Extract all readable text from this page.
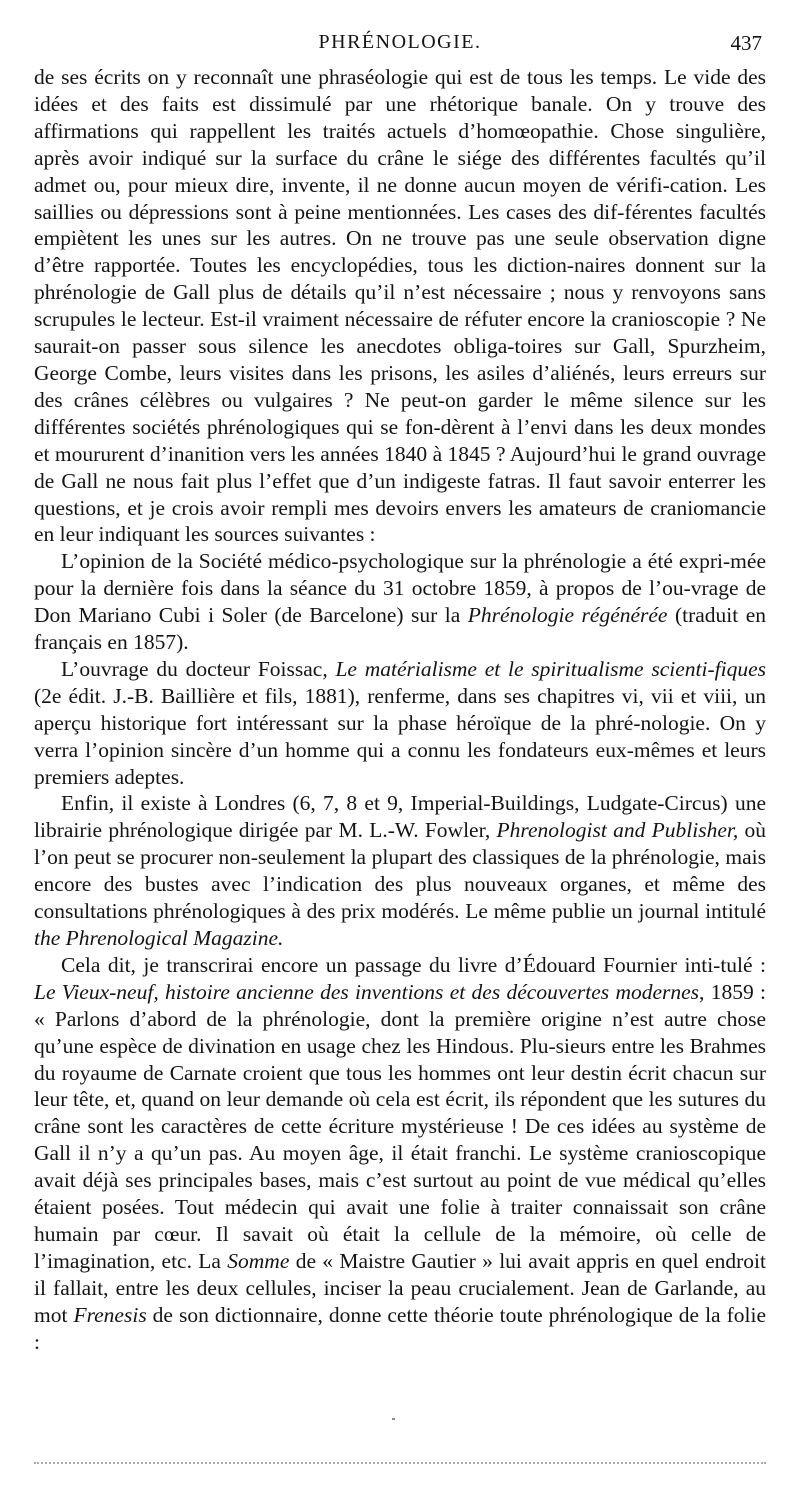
PHRÉNOLOGIE.	437

de ses écrits on y reconnaît une phraséologie qui est de tous les temps. Le vide des idées et des faits est dissimulé par une rhétorique banale. On y trouve des affirmations qui rappellent les traités actuels d’homœopathie. Chose singulière, après avoir indiqué sur la surface du crâne le siége des différentes facultés qu’il admet ou, pour mieux dire, invente, il ne donne aucun moyen de vérifi-cation. Les saillies ou dépressions sont à peine mentionnées. Les cases des dif-férentes facultés empiètent les unes sur les autres. On ne trouve pas une seule observation digne d’être rapportée. Toutes les encyclopédies, tous les diction-naires donnent sur la phrénologie de Gall plus de détails qu’il n’est nécessaire ; nous y renvoyons sans scrupules le lecteur. Est-il vraiment nécessaire de réfuter encore la cranioscopie ? Ne saurait-on passer sous silence les anecdotes obliga-toires sur Gall, Spurzheim, George Combe, leurs visites dans les prisons, les asiles d’aliénés, leurs erreurs sur des crânes célèbres ou vulgaires ? Ne peut-on garder le même silence sur les différentes sociétés phrénologiques qui se fon-dèrent à l’envi dans les deux mondes et moururent d’inanition vers les années 1840 à 1845 ? Aujourd’hui le grand ouvrage de Gall ne nous fait plus l’effet que d’un indigeste fatras. Il faut savoir enterrer les questions, et je crois avoir rempli mes devoirs envers les amateurs de craniomancie en leur indiquant les sources suivantes :

L’opinion de la Société médico-psychologique sur la phrénologie a été expri-mée pour la dernière fois dans la séance du 31 octobre 1859, à propos de l’ou-vrage de Don Mariano Cubi i Soler (de Barcelone) sur la Phrénologie régénérée (traduit en français en 1857).

L’ouvrage du docteur Foissac, Le matérialisme et le spiritualisme scienti-fiques (2e édit. J.-B. Baillière et fils, 1881), renferme, dans ses chapitres vi, vii et viii, un aperçu historique fort intéressant sur la phase héroïque de la phré-nologie. On y verra l’opinion sincère d’un homme qui a connu les fondateurs eux-mêmes et leurs premiers adeptes.

Enfin, il existe à Londres (6, 7, 8 et 9, Imperial-Buildings, Ludgate-Circus) une librairie phrénologique dirigée par M. L.-W. Fowler, Phrenologist and Publisher, où l’on peut se procurer non-seulement la plupart des classiques de la phrénologie, mais encore des bustes avec l’indication des plus nouveaux organes, et même des consultations phrénologiques à des prix modérés. Le même publie un journal intitulé the Phrenological Magazine.

Cela dit, je transcrirai encore un passage du livre d’Édouard Fournier inti-tulé : Le Vieux-neuf, histoire ancienne des inventions et des découvertes modernes, 1859 : « Parlons d’abord de la phrénologie, dont la première origine n’est autre chose qu’une espèce de divination en usage chez les Hindous. Plu-sieurs entre les Brahmes du royaume de Carnate croient que tous les hommes ont leur destin écrit chacun sur leur tête, et, quand on leur demande où cela est écrit, ils répondent que les sutures du crâne sont les caractères de cette écriture mystérieuse ! De ces idées au système de Gall il n’y a qu’un pas. Au moyen âge, il était franchi. Le système cranioscopique avait déjà ses principales bases, mais c’est surtout au point de vue médical qu’elles étaient posées. Tout médecin qui avait une folie à traiter connaissait son crâne humain par cœur. Il savait où était la cellule de la mémoire, où celle de l’imagination, etc. La Somme de « Maistre Gautier » lui avait appris en quel endroit il fallait, entre les deux cellules, inciser la peau crucialement. Jean de Garlande, au mot Frenesis de son dictionnaire, donne cette théorie toute phrénologique de la folie :
